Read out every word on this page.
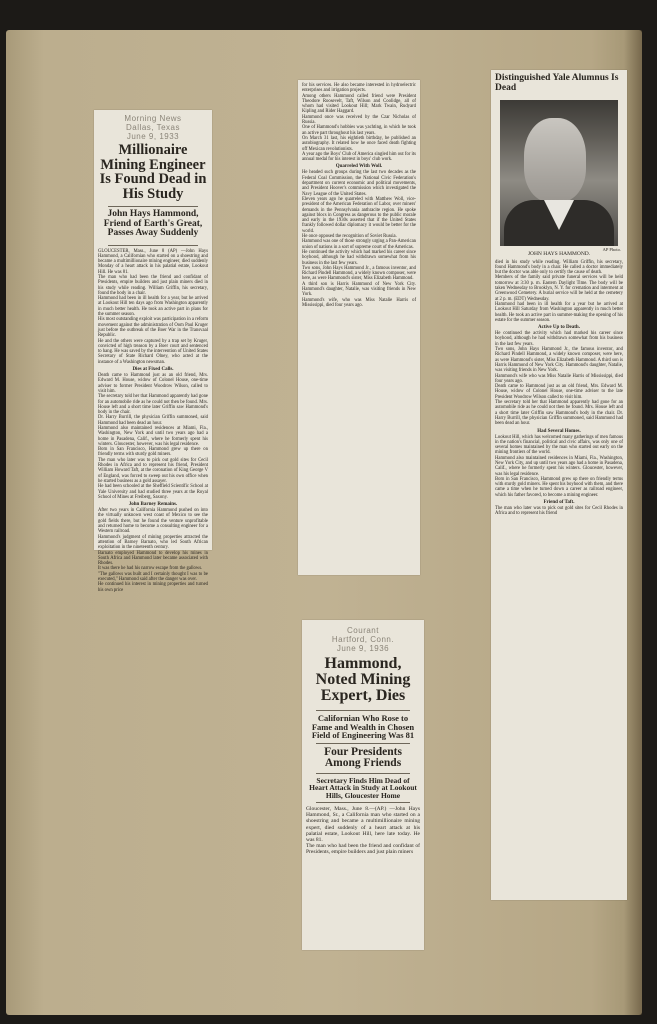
Morning News
Dallas, Texas
June 9, 1933
Millionaire Mining Engineer Is Found Dead in His Study
John Hays Hammond, Friend of Earth's Great, Passes Away Suddenly
GLOUCESTER, Mass., June 8 (AP) —John Hays Hammond, a Californian who started on a shoestring and became a multimillionaire mining engineer, died suddenly Monday of a heart attack in his palatial estate, Lookout Hill. He was 81.
The man who had been the friend and confidant of Presidents, empire builders and just plain miners died in his study while reading. William Griffin, his secretary, found the body in a chair.
Hammond had been in ill health for a year, but he arrived at Lookout Hill ten days ago from Washington apparently in much better health. He took an active part in plans for the summer season.
His most outstanding exploit was participation in a reform movement against the administration of Oom Paul Kruger just before the outbreak of the Boer War in the Transvaal Republic.
He and the others were captured by a trap set by Kruger, convicted of high treason by a Boer court and sentenced to hang. He was saved by the intervention of United States Secretary of State Richard Olney, who acted at the instance of a Washington newsman.
Dies at Fixed Calls.
Death came to Hammond just as an old friend, Mrs. Edward M. House, widow of Colonel House, one-time adviser to former President Woodrow Wilson, called to visit him.
The secretary told her that Hammond apparently had gone for an automobile ride as he could not then be found. Mrs. House left and a short time later Griffin saw Hammond's body in the chair.
Dr. Harry Burrill, the physician Griffin summoned, said Hammond had been dead an hour.
Hammond also maintained residences at Miami, Fla., Washington, New York and until two years ago had a home in Pasadena, Calif., where he formerly spent his winters. Gloucester, however, was his legal residence.
Born in San Francisco, Hammond grew up there on friendly terms with sturdy gold miners.
The man who later was to pick out gold sites for Cecil Rhodes in Africa and to represent his friend, President William Howard Taft, at the coronation of King George V of England, was forced to sweep out his own office when he started business as a gold assayer.
He had been schooled at the Sheffield Scientific School at Yale University and had studied three years at the Royal School of Mines at Freiberg, Saxony.
John Barney Remains.
After two years in California Hammond pushed on into the virtually unknown west coast of Mexico to see the gold fields there, but he found the venture unprofitable and returned home to become a consulting engineer for a Western railroad.
Hammond's judgment of mining properties attracted the attention of Barney Barnato, who led South African exploitation in the nineteenth century.
Barnato employed Hammond to develop his mines in South Africa and Hammond later became associated with Rhodes.
It was there he had his narrow escape from the gallows.
"The gallows was built and I certainly thought I was to be executed," Hammond said after the danger was over.
He continued his interest in mining properties and turned his own price
for his services. He also became interested in hydroelectric enterprises and irrigation projects.
Among others Hammond called friend were President Theodore Roosevelt, Taft, Wilson and Coolidge, all of whom had visited Lookout Hill; Mark Twain, Rudyard Kipling and Rider Haggard.
Hammond once was received by the Czar Nicholas of Russia.
One of Hammond's hobbies was yachting, in which he took an active part throughout his last years.
On March 31 last, his eightieth birthday, he published an autobiography. It related how he once faced death fighting off Mexican revolutionists.
A year ago the Boys' Club of America singled him out for its annual medal for his interest in boys' club work.
Quarreled With Woll.
He headed such groups during the last two decades as the Federal Coal Commission, the National Civic Federation's department on current economic and political movements, and President Hoover's commission which investigated the Navy League of the United States.
Eleven years ago he quarreled with Matthew Woll, vice-president of the American Federation of Labor, over miners' demands in the Pennsylvania anthracite region. He spoke against blocs in Congress as dangerous to the public morale and early in the 1930s asserted that if the United States frankly followed dollar diplomacy it would be better for the world.
He once opposed the recognition of Soviet Russia.
Hammond was one of those strongly urging a Pan-American union of nations in a sort of supreme court of the Americas.
He continued the activity which had marked his career since boyhood, although he had withdrawn somewhat from his business in the last few years.
Two sons, John Hays Hammond Jr., a famous inventor, and Richard Pindell Hammond, a widely known composer, were here, as were Hammond's sister, Miss Elizabeth Hammond.
A third son is Harris Hammond of New York City. Hammond's daughter, Natalie, was visiting friends in New York.
Hammond's wife, who was Miss Natalie Harris of Mississippi, died four years ago.
Courant
Hartford, Conn.
June 9, 1936
Hammond, Noted Mining Expert, Dies
Californian Who Rose to Fame and Wealth in Chosen Field of Engineering Was 81
Four Presidents Among Friends
Secretary Finds Him Dead of Heart Attack in Study at Lookout Hills, Gloucester Home
Gloucester, Mass., June 8.—(AP.) —John Hays Hammond, Sr., a California man who started on a shoestring and became a multimillionaire mining expert, died suddenly of a heart attack at his palatial estate, Lookout Hill, here late today. He was 81.
The man who had been the friend and confidant of Presidents, empire builders and just plain miners
Distinguished Yale Alumnus Is Dead
AP Photo.
JOHN HAYS HAMMOND.
died in his study while reading. William Griffin, his secretary, found Hammond's body in a chair. He called a doctor immediately but the doctor was able only to certify the cause of death.
Members of the family said private funeral services will be held tomorrow at 3:30 p. m. Eastern Daylight Time. The body will be taken Wednesday to Brooklyn, N. Y. for cremation and interment at Greenwood Cemetery. A burial service will be held at the cemetery at 2 p. m. (EDT) Wednesday.
Hammond had been in ill health for a year but he arrived at Lookout Hill Saturday from Washington apparently in much better health. He took an active part in summer-making the opening of his estate for the summer season.
Active Up to Death.
He continued the activity which had marked his career since boyhood, although he had withdrawn somewhat from his business in the last few years.
Two sons, John Hays Hammond Jr., the famous inventor, and Richard Pindell Hammond, a widely known composer, were here, as were Hammond's sister, Miss Elizabeth Hammond. A third son is Harris Hammond of New York City. Hammond's daughter, Natalie, was visiting friends in New York.
Hammond's wife who was Miss Natalie Harris of Mississippi, died four years ago.
Death came to Hammond just as an old friend, Mrs. Edward M. House, widow of Colonel House, one-time adviser to the late President Woodrow Wilson called to visit him.
The secretary told her that Hammond apparently had gone for an automobile ride as he could not then be found. Mrs. House left and a short time later Griffin saw Hammond's body in the chair. Dr. Harry Burrill, the physician Griffin summoned, said Hammond had been dead an hour.
Had Several Homes.
Lookout Hill, which has welcomed many gatherings of men famous in the nation's financial, political and civic affairs, was only one of several homes maintained by the man who started out early on the mining frontiers of the world.
Hammond also maintained residences in Miami, Fla., Washington, New York City, and up until two years ago had a home in Pasadena, Calif., where he formerly spent his winters. Gloucester, however, was his legal residence.
Born in San Francisco, Hammond grew up there on friendly terms with sturdy gold miners. He spent his boyhood with them, and there came a time when he turned down a career as railroad engineer, which his father favored, to become a mining engineer.
Friend of Taft.
The man who later was to pick out gold sites for Cecil Rhodes in Africa and to represent his friend
